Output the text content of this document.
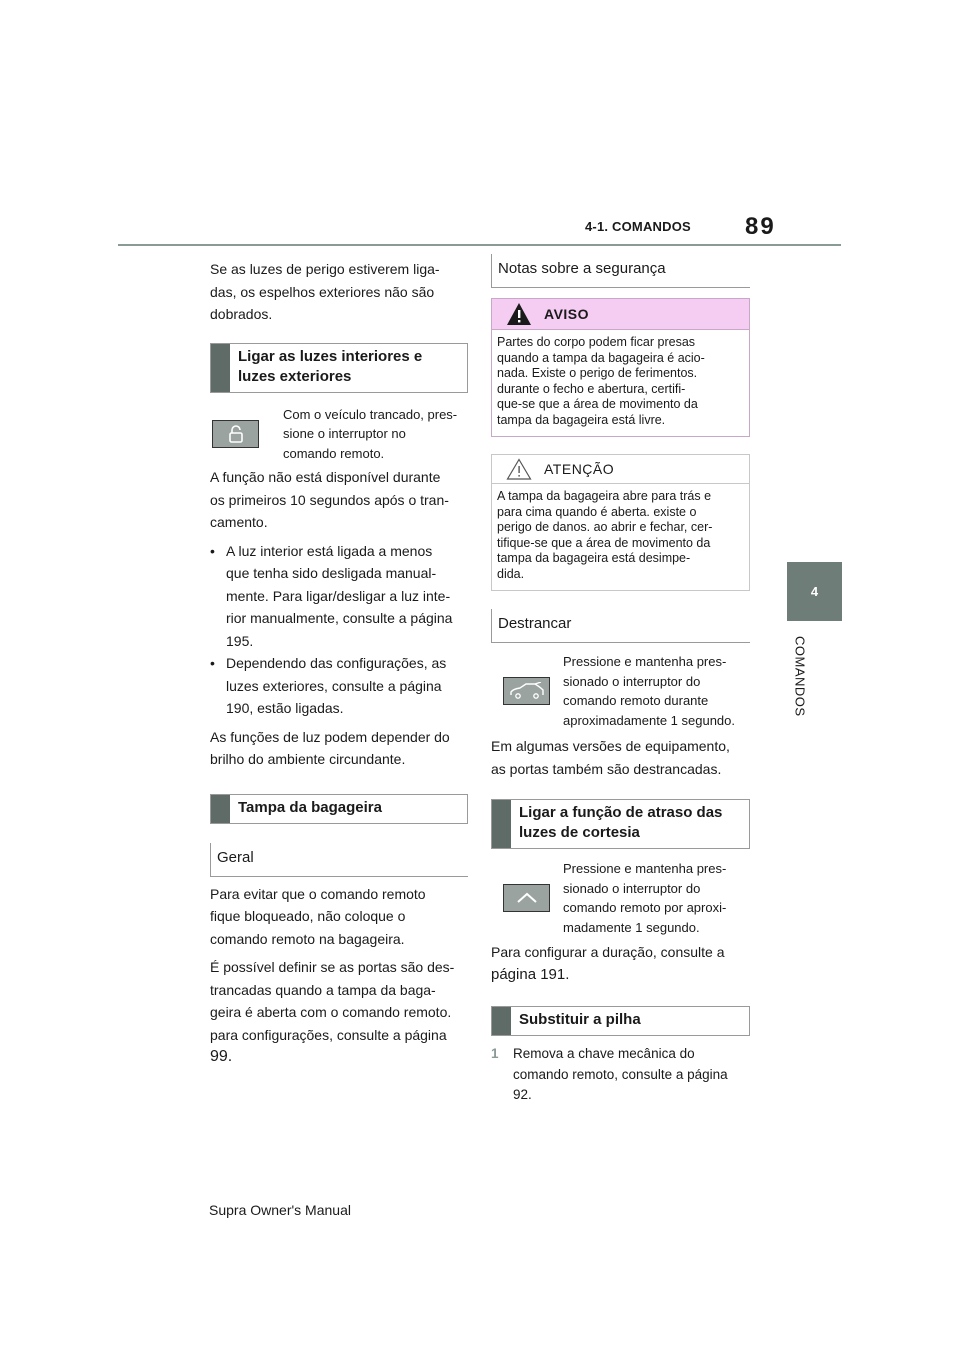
4-1. COMANDOS 89
4
COMANDOS

Se as luzes de perigo estiverem liga-

das, os espelhos exteriores não são

dobrados.

Ligar as luzes interiores e
luzes exteriores
Com o veículo trancado, pres-
sione o interruptor no
comando remoto.

A função não está disponível durante

os primeiros 10 segundos após o tran-

camento.

• A luz interior está ligada a menos
que tenha sido desligada manual-
mente. Para ligar/desligar a luz inte-
rior manualmente, consulte a página
195.
• Dependendo das configurações, as
luzes exteriores, consulte a página
190, estão ligadas.

As funções de luz podem depender do

brilho do ambiente circundante.

Tampa da bagageira
Geral

Para evitar que o comando remoto

fique bloqueado, não coloque o

comando remoto na bagageira.

É possível definir se as portas são des-

trancadas quando a tampa da baga-

geira é aberta com o comando remoto.

para configurações, consulte a página

99.

Notas sobre a segurança
AVISO
Partes do corpo podem ficar presas
quando a tampa da bagageira é acio-
nada. Existe o perigo de ferimentos.
durante o fecho e abertura, certifi-
que-se que a área de movimento da
tampa da bagageira está livre.
ATENÇÃO
A tampa da bagageira abre para trás e
para cima quando é aberta. existe o
perigo de danos. ao abrir e fechar, cer-
tifique-se que a área de movimento da
tampa da bagageira está desimpe-
dida.
Destrancar
Pressione e mantenha pres-
sionado o interruptor do
comando remoto durante
aproximadamente 1 segundo.

Em algumas versões de equipamento,

as portas também são destrancadas.

Ligar a função de atraso das
luzes de cortesia
Pressione e mantenha pres-
sionado o interruptor do
comando remoto por aproxi-
madamente 1 segundo.

Para configurar a duração, consulte a

página 191.

Substituir a pilha
1	Remova a chave mecânica do
comando remoto, consulte a página
92.
Supra Owner's Manual
